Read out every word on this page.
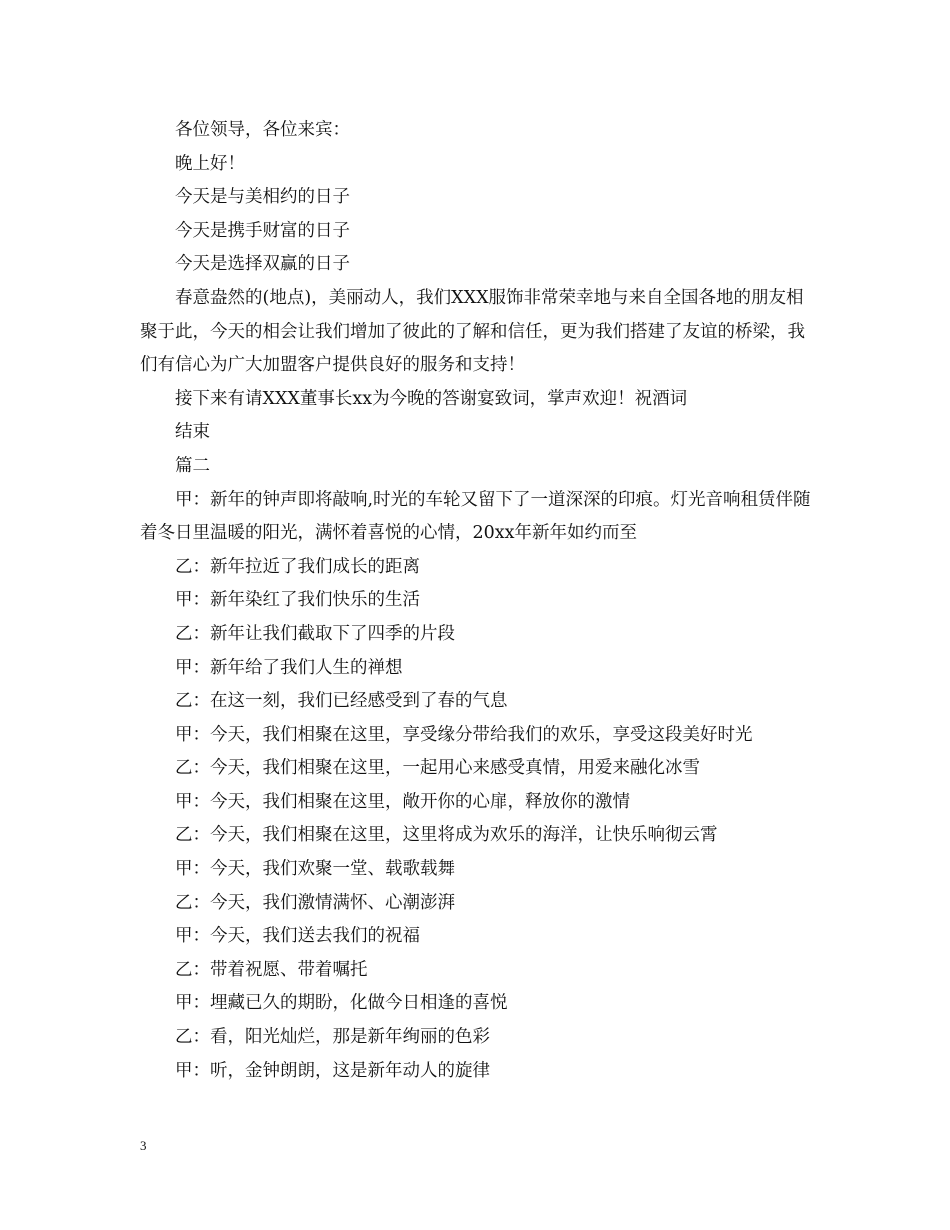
各位领导，各位来宾：

晚上好！

今天是与美相约的日子

今天是携手财富的日子

今天是选择双赢的日子

春意盎然的(地点)，美丽动人，我们XXX服饰非常荣幸地与来自全国各地的朋友相聚于此，今天的相会让我们增加了彼此的了解和信任，更为我们搭建了友谊的桥梁，我们有信心为广大加盟客户提供良好的服务和支持！

接下来有请XXX董事长xx为今晚的答谢宴致词，掌声欢迎！祝酒词

结束

篇二

甲：新年的钟声即将敲响,时光的车轮又留下了一道深深的印痕。灯光音响租赁伴随着冬日里温暖的阳光，满怀着喜悦的心情，20xx年新年如约而至

乙：新年拉近了我们成长的距离

甲：新年染红了我们快乐的生活

乙：新年让我们截取下了四季的片段

甲：新年给了我们人生的禅想

乙：在这一刻，我们已经感受到了春的气息

甲：今天，我们相聚在这里，享受缘分带给我们的欢乐，享受这段美好时光

乙：今天，我们相聚在这里，一起用心来感受真情，用爱来融化冰雪

甲：今天，我们相聚在这里，敞开你的心扉，释放你的激情

乙：今天，我们相聚在这里，这里将成为欢乐的海洋，让快乐响彻云霄

甲：今天，我们欢聚一堂、载歌载舞

乙：今天，我们激情满怀、心潮澎湃

甲：今天，我们送去我们的祝福

乙：带着祝愿、带着嘱托

甲：埋藏已久的期盼，化做今日相逢的喜悦

乙：看，阳光灿烂，那是新年绚丽的色彩

甲：听，金钟朗朗，这是新年动人的旋律

3
